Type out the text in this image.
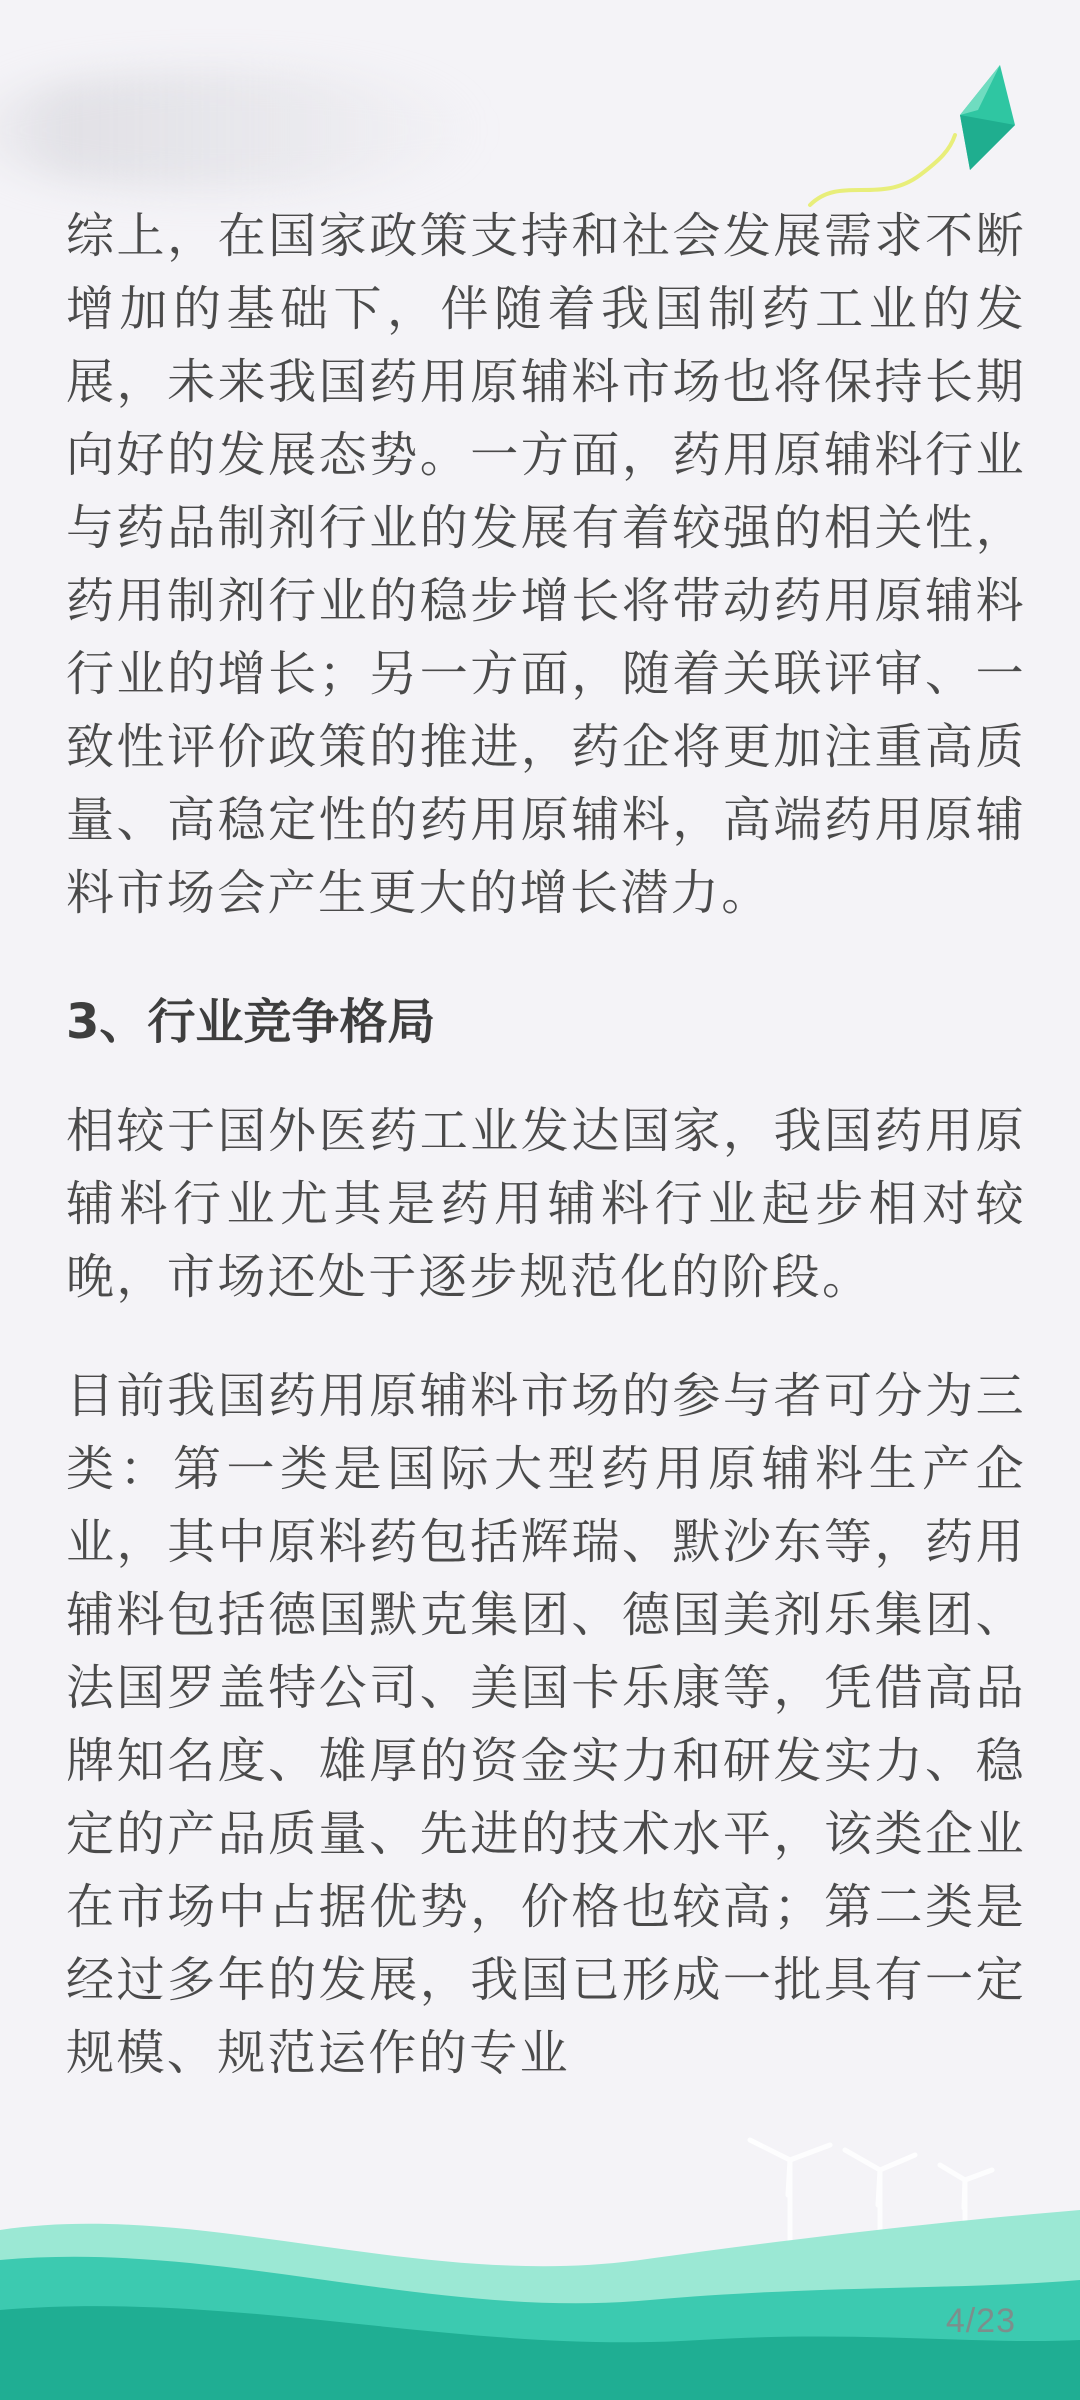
综上，在国家政策支持和社会发展需求不断增加的基础下，伴随着我国制药工业的发展，未来我国药用原辅料市场也将保持长期向好的发展态势。一方面，药用原辅料行业与药品制剂行业的发展有着较强的相关性，药用制剂行业的稳步增长将带动药用原辅料行业的增长；另一方面，随着关联评审、一致性评价政策的推进，药企将更加注重高质量、高稳定性的药用原辅料，高端药用原辅料市场会产生更大的增长潜力。

3、行业竞争格局

相较于国外医药工业发达国家，我国药用原辅料行业尤其是药用辅料行业起步相对较晚，市场还处于逐步规范化的阶段。

目前我国药用原辅料市场的参与者可分为三类：第一类是国际大型药用原辅料生产企业，其中原料药包括辉瑞、默沙东等，药用辅料包括德国默克集团、德国美剂乐集团、法国罗盖特公司、美国卡乐康等，凭借高品牌知名度、雄厚的资金实力和研发实力、稳定的产品质量、先进的技术水平，该类企业在市场中占据优势，价格也较高；第二类是经过多年的发展，我国已形成一批具有一定规模、规范运作的专业

4/23
